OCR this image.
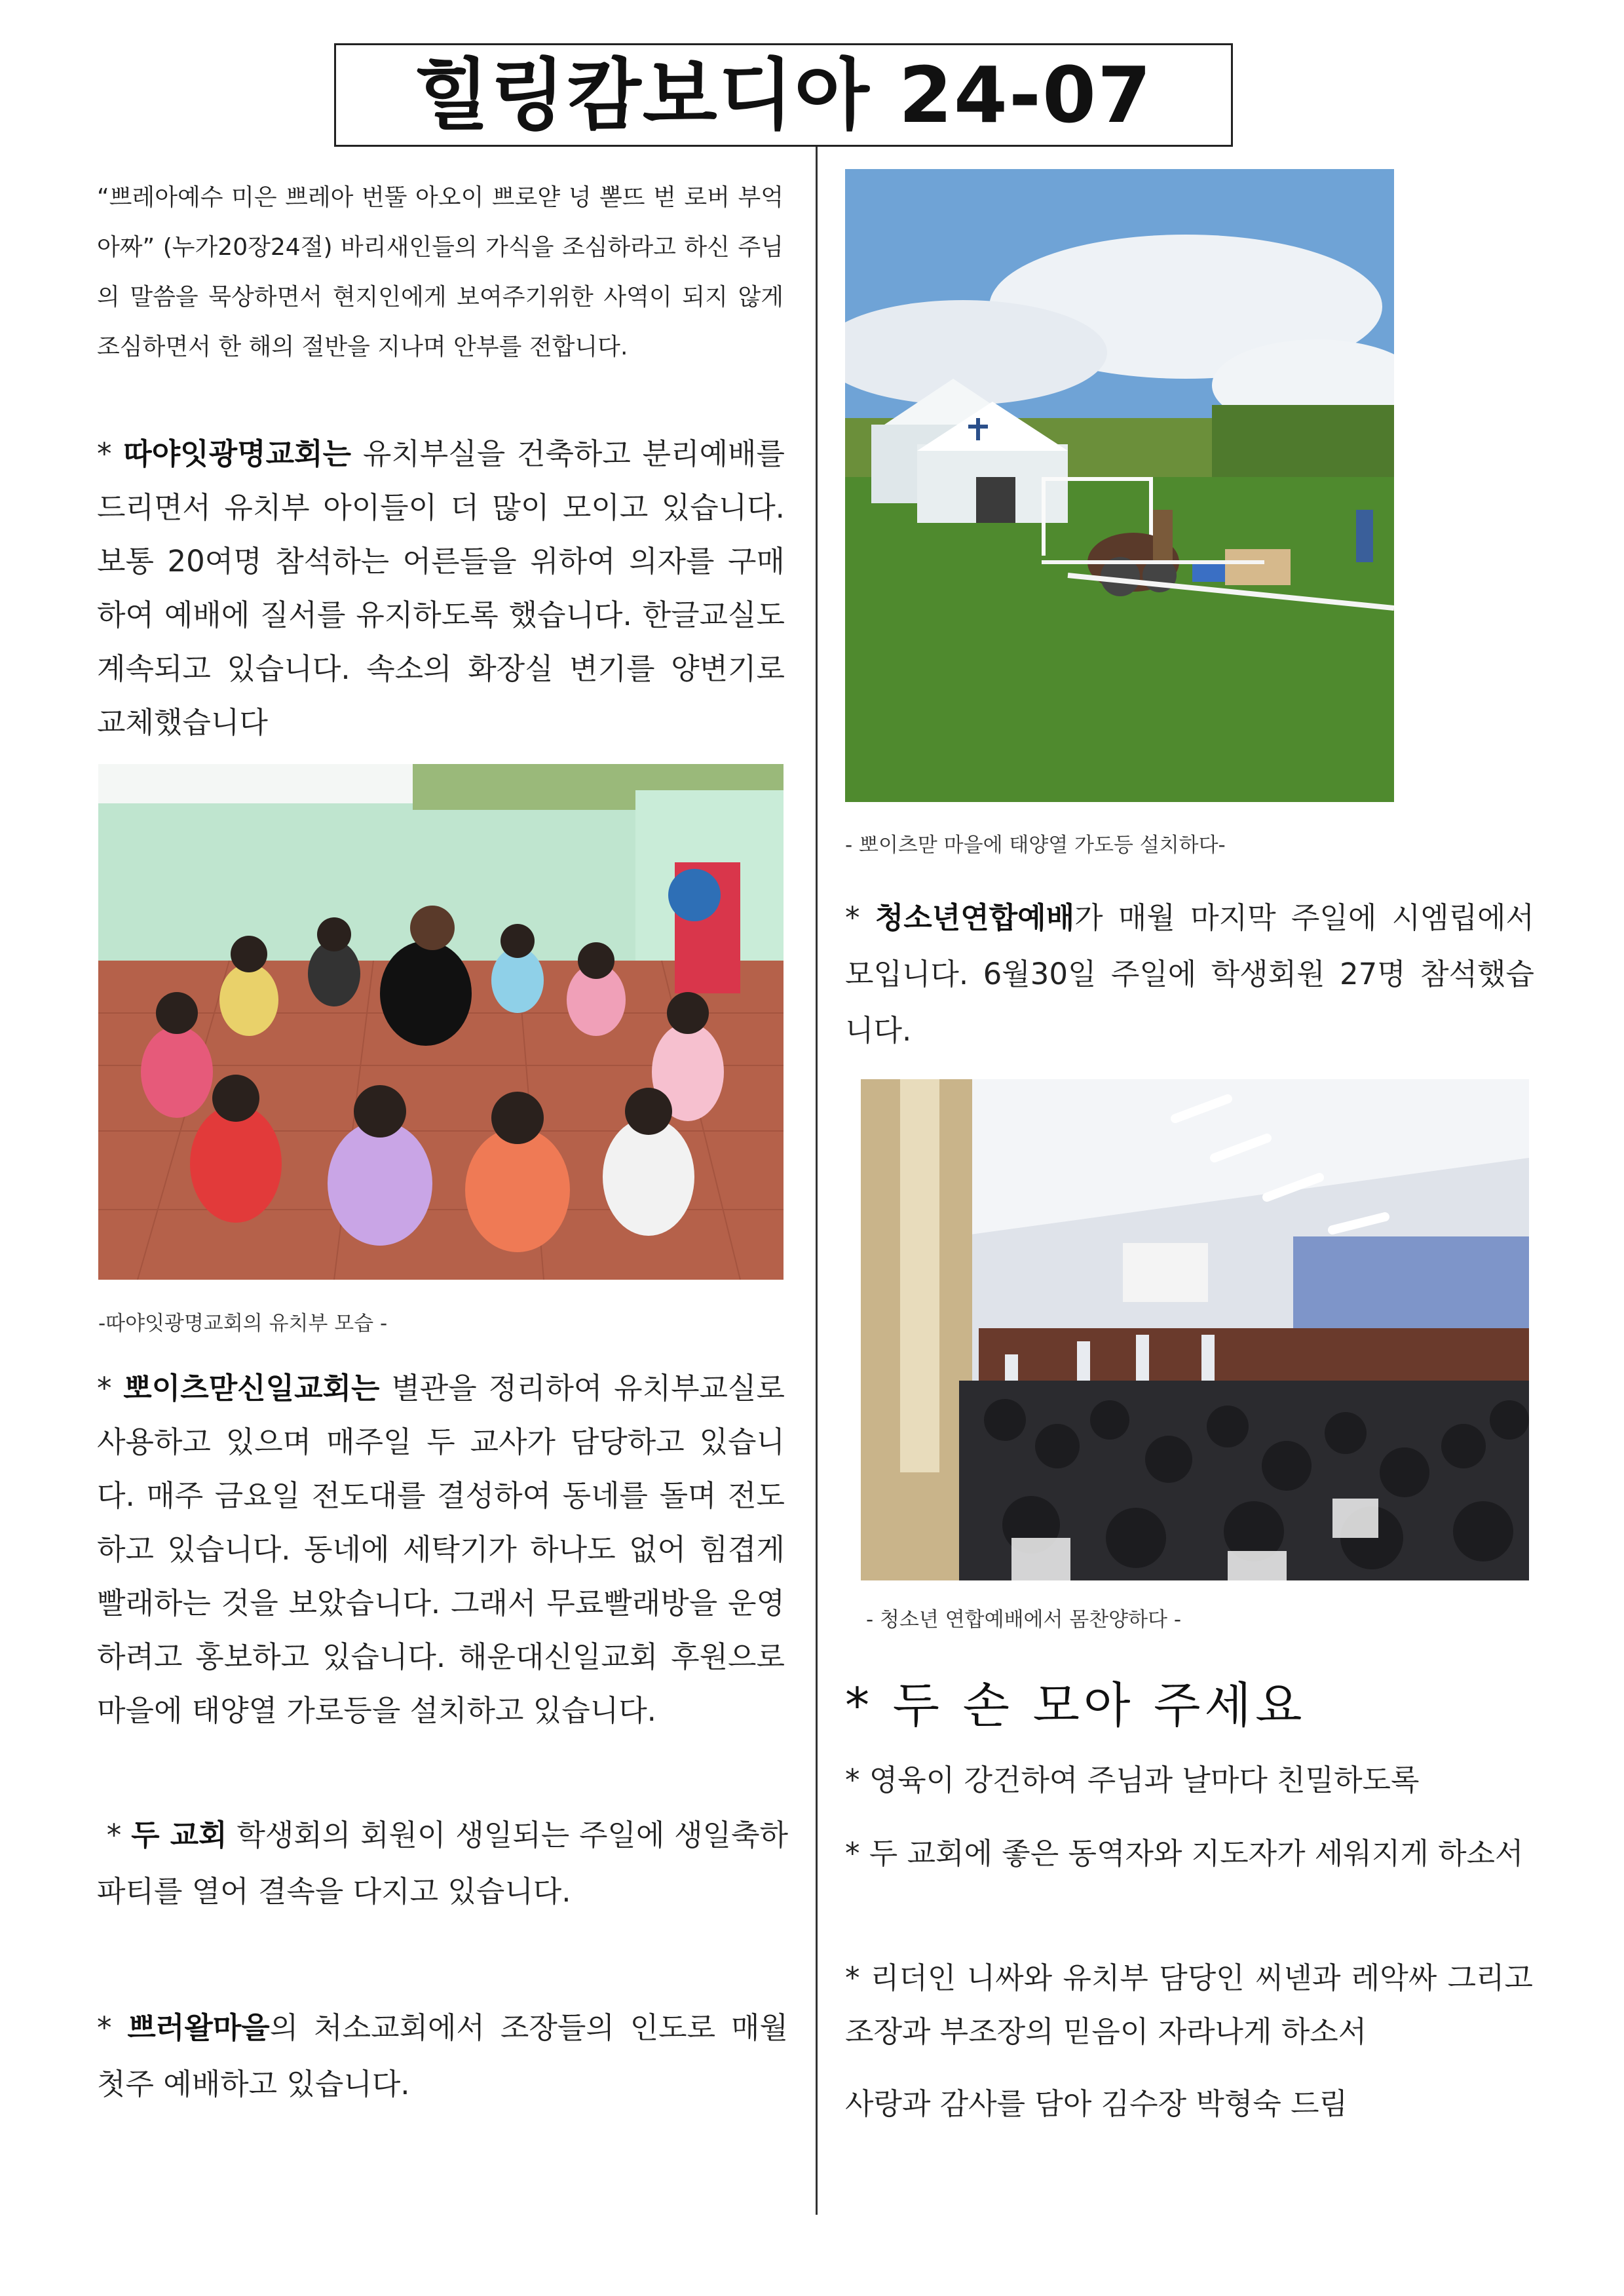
힐링캄보디아 24-07

“쁘레아예수 미은 쁘레아 번뚤 아오이 쁘로얃 넝 뽇뜨 벋 로버 부억아짜” (누가20장24절) 바리새인들의 가식을 조심하라고 하신 주님의 말씀을 묵상하면서 현지인에게 보여주기위한 사역이 되지 않게 조심하면서 한 해의 절반을 지나며 안부를 전합니다.

* 따야잇광명교회는 유치부실을 건축하고 분리예배를 드리면서 유치부 아이들이 더 많이 모이고 있습니다. 보통 20여명 참석하는 어른들을 위하여 의자를 구매하여 예배에 질서를 유지하도록 했습니다. 한글교실도 계속되고 있습니다. 속소의 화장실 변기를 양변기로 교체했습니다

-따야잇광명교회의 유치부 모습 -

* 뽀이츠맏신일교회는 별관을 정리하여 유치부교실로 사용하고 있으며 매주일 두 교사가 담당하고 있습니다. 매주 금요일 전도대를 결성하여 동네를 돌며 전도하고 있습니다. 동네에 세탁기가 하나도 없어 힘겹게 빨래하는 것을 보았습니다. 그래서 무료빨래방을 운영하려고 홍보하고 있습니다. 해운대신일교회 후원으로 마을에 태양열 가로등을 설치하고 있습니다.

* 두 교회 학생회의 회원이 생일되는 주일에 생일축하파티를 열어 결속을 다지고 있습니다.

* 쁘러왈마을의 처소교회에서 조장들의 인도로 매월 첫주 예배하고 있습니다.

- 뽀이츠맏 마을에 태양열 가도등 설치하다-

* 청소년연합예배가 매월 마지막 주일에 시엠립에서 모입니다. 6월30일 주일에 학생회원 27명 참석했습니다.

- 청소년 연합예배에서 몸찬양하다 -
* 두 손 모아 주세요

* 영육이 강건하여 주님과 날마다 친밀하도록

* 두 교회에 좋은 동역자와 지도자가 세워지게 하소서

* 리더인 니싸와 유치부 담당인 씨넫과 레악싸 그리고 조장과 부조장의 믿음이 자라나게 하소서

사랑과 감사를 담아 김수장 박형숙 드림
